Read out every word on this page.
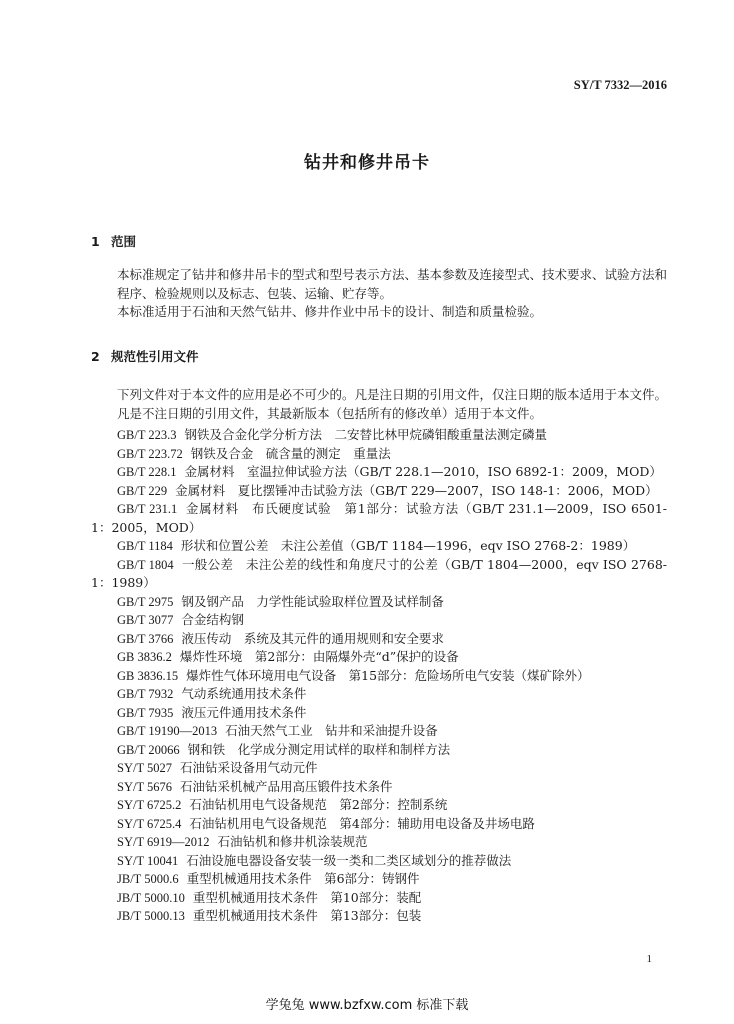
SY/T 7332—2016
钻井和修井吊卡
1 范围
本标准规定了钻井和修井吊卡的型式和型号表示方法、基本参数及连接型式、技术要求、试验方法和程序、检验规则以及标志、包装、运输、贮存等。
本标准适用于石油和天然气钻井、修井作业中吊卡的设计、制造和质量检验。
2 规范性引用文件
下列文件对于本文件的应用是必不可少的。凡是注日期的引用文件，仅注日期的版本适用于本文件。凡是不注日期的引用文件，其最新版本（包括所有的修改单）适用于本文件。
GB/T 223.3 钢铁及合金化学分析方法　二安替比林甲烷磷钼酸重量法测定磷量
GB/T 223.72 钢铁及合金　硫含量的测定　重量法
GB/T 228.1 金属材料　室温拉伸试验方法（GB/T 228.1—2010，ISO 6892-1：2009，MOD）
GB/T 229 金属材料　夏比摆锤冲击试验方法（GB/T 229—2007，ISO 148-1：2006，MOD）
GB/T 231.1 金属材料　布氏硬度试验　第1部分：试验方法（GB/T 231.1—2009，ISO 6501-1：2005，MOD）
GB/T 1184 形状和位置公差　未注公差值（GB/T 1184—1996，eqv ISO 2768-2：1989）
GB/T 1804 一般公差　未注公差的线性和角度尺寸的公差（GB/T 1804—2000，eqv ISO 2768-1：1989）
GB/T 2975 钢及钢产品　力学性能试验取样位置及试样制备
GB/T 3077 合金结构钢
GB/T 3766 液压传动　系统及其元件的通用规则和安全要求
GB 3836.2 爆炸性环境　第2部分：由隔爆外壳“d”保护的设备
GB 3836.15 爆炸性气体环境用电气设备　第15部分：危险场所电气安装（煤矿除外）
GB/T 7932 气动系统通用技术条件
GB/T 7935 液压元件通用技术条件
GB/T 19190—2013 石油天然气工业　钻井和采油提升设备
GB/T 20066 钢和铁　化学成分测定用试样的取样和制样方法
SY/T 5027 石油钻采设备用气动元件
SY/T 5676 石油钻采机械产品用高压锻件技术条件
SY/T 6725.2 石油钻机用电气设备规范　第2部分：控制系统
SY/T 6725.4 石油钻机用电气设备规范　第4部分：辅助用电设备及井场电路
SY/T 6919—2012 石油钻机和修井机涂装规范
SY/T 10041 石油设施电器设备安装一级一类和二类区域划分的推荐做法
JB/T 5000.6 重型机械通用技术条件　第6部分：铸钢件
JB/T 5000.10 重型机械通用技术条件　第10部分：装配
JB/T 5000.13 重型机械通用技术条件　第13部分：包装
1
学兔兔 www.bzfxw.com 标准下载
